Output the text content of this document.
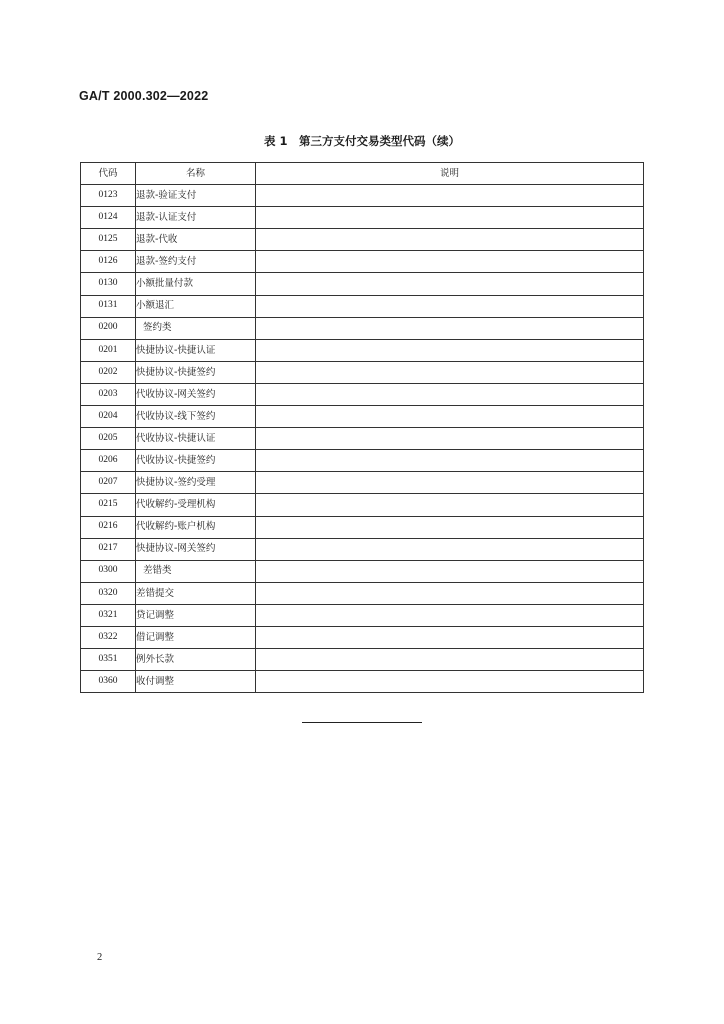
GA/T 2000.302—2022
表 1　第三方支付交易类型代码（续）
代码	名称	说明
0123	退款-验证支付	
0124	退款-认证支付	
0125	退款-代收	
0126	退款-签约支付	
0130	小额批量付款	
0131	小额退汇	
0200	签约类	
0201	快捷协议-快捷认证	
0202	快捷协议-快捷签约	
0203	代收协议-网关签约	
0204	代收协议-线下签约	
0205	代收协议-快捷认证	
0206	代收协议-快捷签约	
0207	快捷协议-签约受理	
0215	代收解约-受理机构	
0216	代收解约-账户机构	
0217	快捷协议-网关签约	
0300	差错类	
0320	差错提交	
0321	贷记调整	
0322	借记调整	
0351	例外长款	
0360	收付调整	
2
